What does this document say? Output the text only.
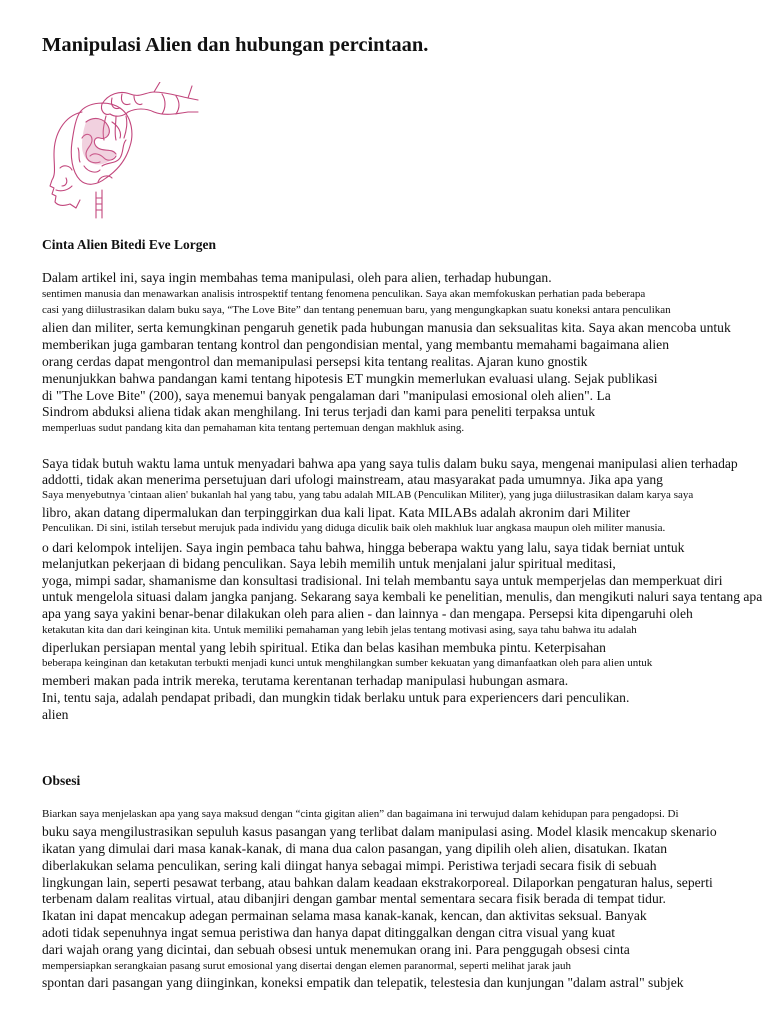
Manipulasi Alien dan hubungan percintaan.
Cinta Alien Bitedi Eve Lorgen
Dalam artikel ini, saya ingin membahas tema manipulasi, oleh para alien, terhadap hubungan.
sentimen manusia dan menawarkan analisis introspektif tentang fenomena penculikan. Saya akan memfokuskan perhatian pada beberapa
casi yang diilustrasikan dalam buku saya, “The Love Bite” dan tentang penemuan baru, yang mengungkapkan suatu koneksi antara penculikan
alien dan militer, serta kemungkinan pengaruh genetik pada hubungan manusia dan seksualitas kita. Saya akan mencoba untuk
memberikan juga gambaran tentang kontrol dan pengondisian mental, yang membantu memahami bagaimana alien
orang cerdas dapat mengontrol dan memanipulasi persepsi kita tentang realitas. Ajaran kuno gnostik
menunjukkan bahwa pandangan kami tentang hipotesis ET mungkin memerlukan evaluasi ulang. Sejak publikasi
di "The Love Bite" (200), saya menemui banyak pengalaman dari "manipulasi emosional oleh alien". La
Sindrom abduksi aliena tidak akan menghilang. Ini terus terjadi dan kami para peneliti terpaksa untuk
memperluas sudut pandang kita dan pemahaman kita tentang pertemuan dengan makhluk asing.
Saya tidak butuh waktu lama untuk menyadari bahwa apa yang saya tulis dalam buku saya, mengenai manipulasi alien terhadap
addotti, tidak akan menerima persetujuan dari ufologi mainstream, atau masyarakat pada umumnya. Jika apa yang
Saya menyebutnya 'cintaan alien' bukanlah hal yang tabu, yang tabu adalah MILAB (Penculikan Militer), yang juga diilustrasikan dalam karya saya
libro, akan datang dipermalukan dan terpinggirkan dua kali lipat. Kata MILABs adalah akronim dari Militer
Penculikan. Di sini, istilah tersebut merujuk pada individu yang diduga diculik baik oleh makhluk luar angkasa maupun oleh militer manusia.
o dari kelompok intelijen. Saya ingin pembaca tahu bahwa, hingga beberapa waktu yang lalu, saya tidak berniat untuk
melanjutkan pekerjaan di bidang penculikan. Saya lebih memilih untuk menjalani jalur spiritual meditasi,
yoga, mimpi sadar, shamanisme dan konsultasi tradisional. Ini telah membantu saya untuk memperjelas dan memperkuat diri
untuk mengelola situasi dalam jangka panjang. Sekarang saya kembali ke penelitian, menulis, dan mengikuti naluri saya tentang apa
apa yang saya yakini benar-benar dilakukan oleh para alien - dan lainnya - dan mengapa. Persepsi kita dipengaruhi oleh
ketakutan kita dan dari keinginan kita. Untuk memiliki pemahaman yang lebih jelas tentang motivasi asing, saya tahu bahwa itu adalah
diperlukan persiapan mental yang lebih spiritual. Etika dan belas kasihan membuka pintu. Keterpisahan
beberapa keinginan dan ketakutan terbukti menjadi kunci untuk menghilangkan sumber kekuatan yang dimanfaatkan oleh para alien untuk
memberi makan pada intrik mereka, terutama kerentanan terhadap manipulasi hubungan asmara.
Ini, tentu saja, adalah pendapat pribadi, dan mungkin tidak berlaku untuk para experiencers dari penculikan.
alien
Obsesi
Biarkan saya menjelaskan apa yang saya maksud dengan “cinta gigitan alien” dan bagaimana ini terwujud dalam kehidupan para pengadopsi. Di
buku saya mengilustrasikan sepuluh kasus pasangan yang terlibat dalam manipulasi asing. Model klasik mencakup skenario
ikatan yang dimulai dari masa kanak-kanak, di mana dua calon pasangan, yang dipilih oleh alien, disatukan. Ikatan
diberlakukan selama penculikan, sering kali diingat hanya sebagai mimpi. Peristiwa terjadi secara fisik di sebuah
lingkungan lain, seperti pesawat terbang, atau bahkan dalam keadaan ekstrakorporeal. Dilaporkan pengaturan halus, seperti
terbenam dalam realitas virtual, atau dibanjiri dengan gambar mental sementara secara fisik berada di tempat tidur.
Ikatan ini dapat mencakup adegan permainan selama masa kanak-kanak, kencan, dan aktivitas seksual. Banyak
adoti tidak sepenuhnya ingat semua peristiwa dan hanya dapat ditinggalkan dengan citra visual yang kuat
dari wajah orang yang dicintai, dan sebuah obsesi untuk menemukan orang ini. Para penggugah obsesi cinta
mempersiapkan serangkaian pasang surut emosional yang disertai dengan elemen paranormal, seperti melihat jarak jauh
spontan dari pasangan yang diinginkan, koneksi empatik dan telepatik, telestesia dan kunjungan "dalam astral" subjek
